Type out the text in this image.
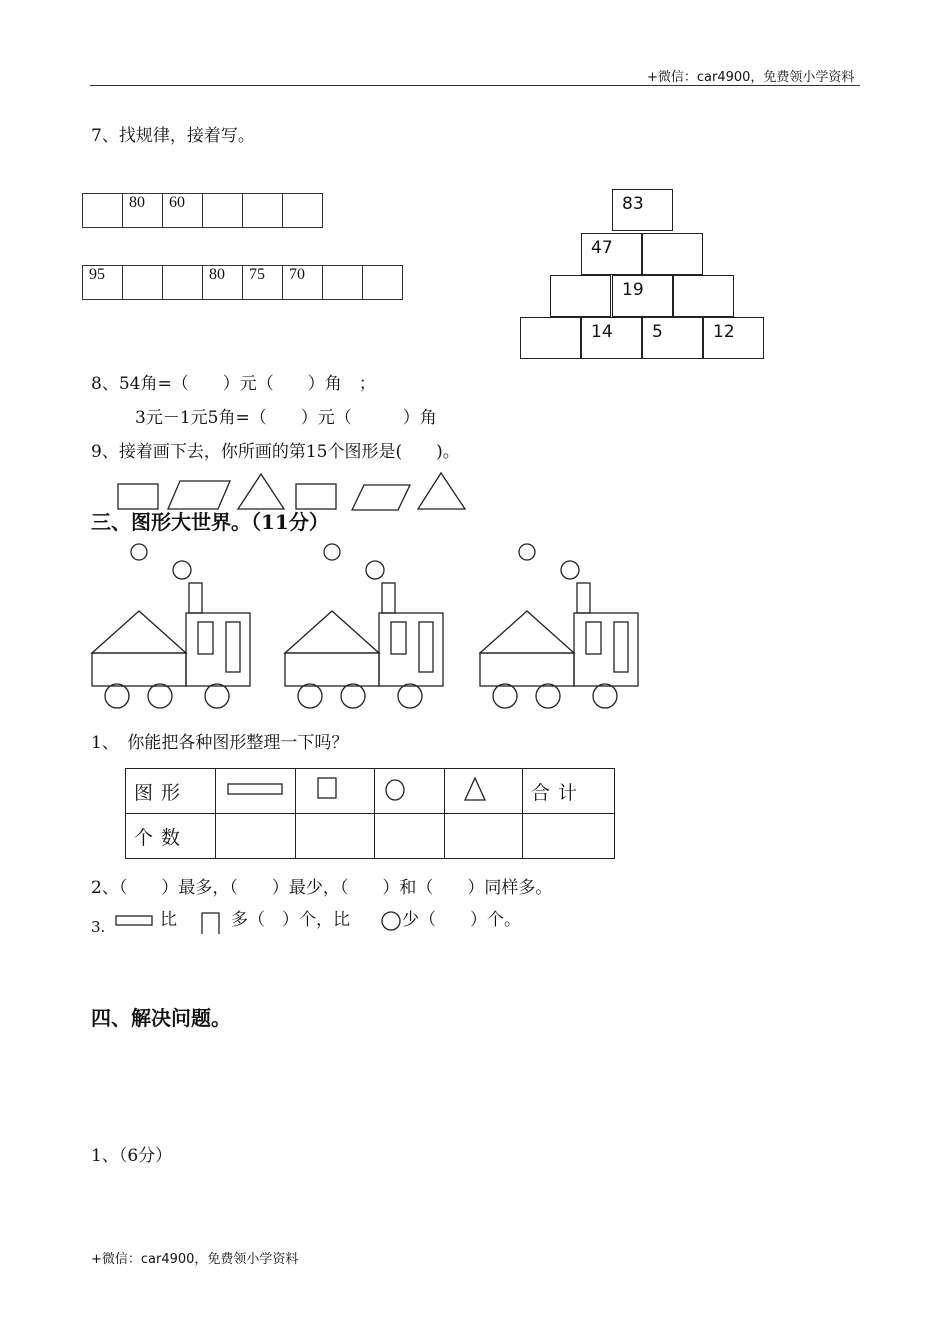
+微信：car4900，免费领小学资料
7、找规律，接着写。
	80	60			
95			80	75	70		
83
47
19
14	5	12
8、54角=（　　）元（　　）角　；
3元－1元5角=（　　）元（　　　）角
9、接着画下去，你所画的第15个图形是(　　)。
三、图形大世界。（11分）
1、　你能把各种图形整理一下吗？
图形					合计
个数					
2、（　　）最多，（　　）最少，（　　）和（　　）同样多。
3.	比	多（　）个，比	少（　　）个。
四、解决问题。
1、（6分）
+微信：car4900，免费领小学资料
